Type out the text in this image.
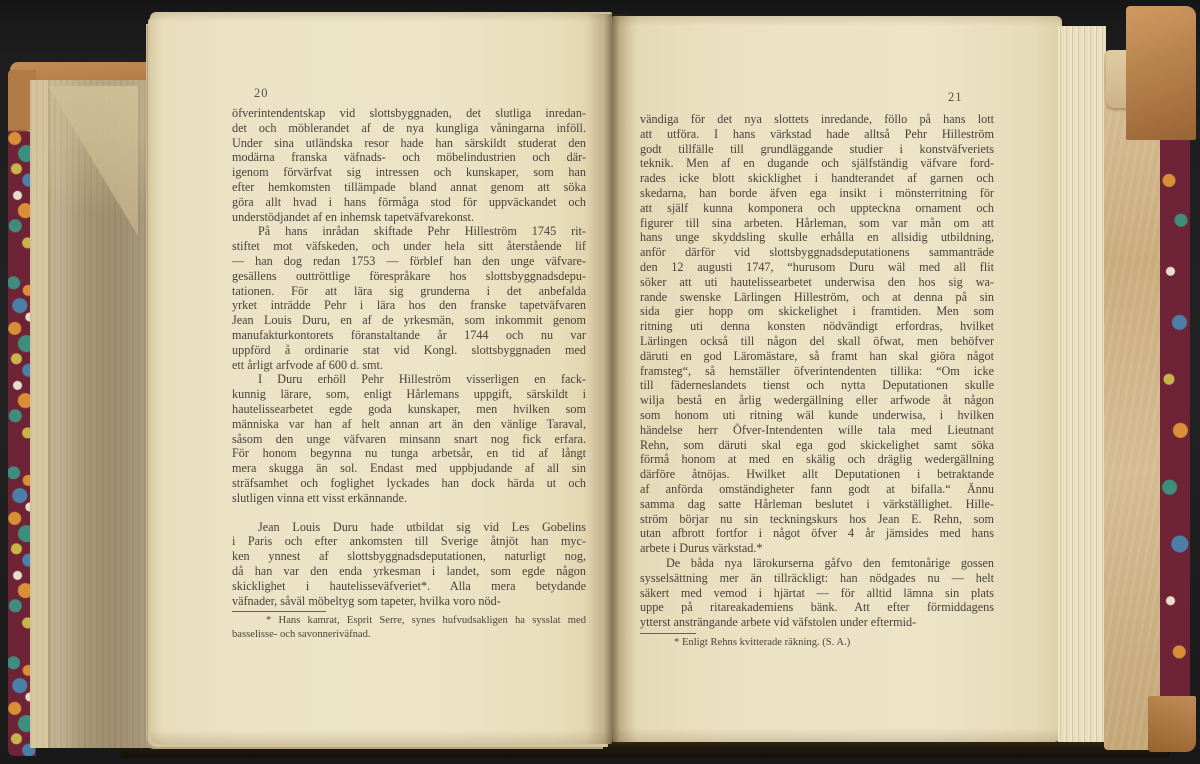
20
öfverintendentskap vid slottsbyggnaden, det slutliga inredan-
det och möblerandet af de nya kungliga våningarna inföll.
Under sina utländska resor hade han särskildt studerat den
modärna franska väfnads- och möbelindustrien och där-
igenom förvärfvat sig intressen och kunskaper, som han
efter hemkomsten tillämpade bland annat genom att söka
göra allt hvad i hans förmåga stod för uppväckandet och
understödjandet af en inhemsk tapetväfvarekonst.
På hans inrådan skiftade Pehr Hilleström 1745 rit-
stiftet mot väfskeden, och under hela sitt återstående lif
— han dog redan 1753 — förblef han den unge väfvare-
gesällens outtröttlige förespråkare hos slottsbyggnadsdepu-
tationen. För att lära sig grunderna i det anbefalda
yrket inträdde Pehr i lära hos den franske tapetväfvaren
Jean Louis Duru, en af de yrkesmän, som inkommit genom
manufakturkontorets föranstaltande år 1744 och nu var
uppförd å ordinarie stat vid Kongl. slottsbyggnaden med
ett årligt arfvode af 600 d. smt.
I Duru erhöll Pehr Hilleström visserligen en fack-
kunnig lärare, som, enligt Hårlemans uppgift, särskildt i
hautelissearbetet egde goda kunskaper, men hvilken som
människa var han af helt annan art än den vänlige Taraval,
såsom den unge väfvaren minsann snart nog fick erfara.
För honom begynna nu tunga arbetsår, en tid af långt
mera skugga än sol. Endast med uppbjudande af all sin
sträfsamhet och foglighet lyckades han dock härda ut och
slutligen vinna ett visst erkännande.
Jean Louis Duru hade utbildat sig vid Les Gobelins
i Paris och efter ankomsten till Sverige åtnjöt han myc-
ken ynnest af slottsbyggnadsdeputationen, naturligt nog,
då han var den enda yrkesman i landet, som egde någon
skicklighet i hautelisseväfveriet*. Alla mera betydande
väfnader, såväl möbeltyg som tapeter, hvilka voro nöd-
* Hans kamrat, Esprit Serre, synes hufvudsakligen ha sysslat med
basselisse- och savonneriväfnad.
21
vändiga för det nya slottets inredande, föllo på hans lott
att utföra. I hans värkstad hade alltså Pehr Hilleström
godt tillfälle till grundläggande studier i konstväfveriets
teknik. Men af en dugande och själfständig väfvare ford-
rades icke blott skicklighet i handterandet af garnen och
skedarna, han borde äfven ega insikt i mönsterritning för
att själf kunna komponera och uppteckna ornament och
figurer till sina arbeten. Hårleman, som var mån om att
hans unge skyddsling skulle erhålla en allsidig utbildning,
anför därför vid slottsbyggnadsdeputationens sammanträde
den 12 augusti 1747, “hurusom Duru wäl med all flit
söker att uti hautelissearbetet underwisa den hos sig wa-
rande swenske Lärlingen Hilleström, och at denna på sin
sida gier hopp om skickelighet i framtiden. Men som
ritning uti denna konsten nödvändigt erfordras, hvilket
Lärlingen också till någon del skall öfwat, men behöfver
däruti en god Läromästare, så framt han skal giöra något
framsteg“, så hemställer öfverintendenten tillika: “Om icke
till fäderneslandets tienst och nytta Deputationen skulle
wilja bestå en årlig wedergällning eller arfwode åt någon
som honom uti ritning wäl kunde underwisa, i hvilken
händelse herr Öfver-Intendenten wille tala med Lieutnant
Rehn, som däruti skal ega god skickelighet samt söka
förmå honom at med en skälig och dräglig wedergällning
därföre åtnöjas. Hwilket allt Deputationen i betraktande
af anförda omständigheter fann godt at bifalla.“ Ännu
samma dag satte Hårleman beslutet i värkställighet. Hille-
ström börjar nu sin teckningskurs hos Jean E. Rehn, som
utan afbrott fortfor i något öfver 4 år jämsides med hans
arbete i Durus värkstad.*
De båda nya lärokurserna gåfvo den femtonårige gossen
sysselsättning mer än tillräckligt: han nödgades nu — helt
säkert med vemod i hjärtat — för alltid lämna sin plats
uppe på ritareakademiens bänk. Att efter förmiddagens
ytterst ansträngande arbete vid väfstolen under eftermid-
* Enligt Rehns kvitterade räkning. (S. A.)
